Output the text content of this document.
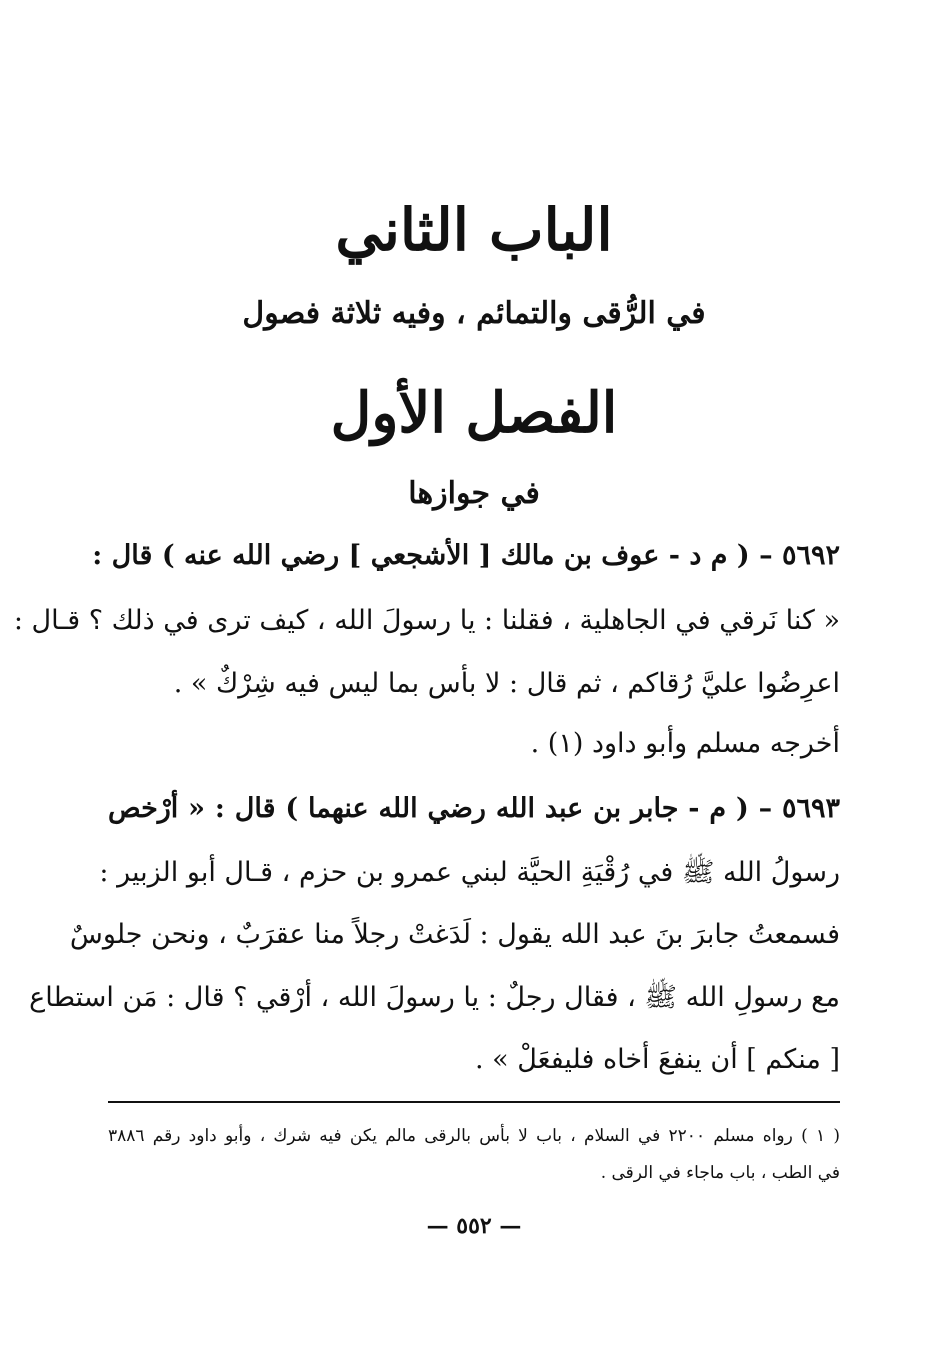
الباب الثاني
في الرُّقى والتمائم ، وفيه ثلاثة فصول
الفصل الأول
في جوازها
٥٦٩٢ – ( م د - عوف بن مالك [ الأشجعي ] رضي الله عنه ) قال :
« كنا نَرقي في الجاهلية ، فقلنا : يا رسولَ الله ، كيف ترى في ذلك ؟ قـال :
اعرِضُوا عليَّ رُقاكم ، ثم قال : لا بأس بما ليس فيه شِرْكٌ » .
أخرجه مسلم وأبو داود (١) .
٥٦٩٣ – ( م - جابر بن عبد الله رضي الله عنهما ) قال : « أرْخص
رسولُ الله ﷺ في رُقْيَةِ الحيَّة لبني عمرو بن حزم ، قـال أبو الزبير :
فسمعتُ جابرَ بنَ عبد الله يقول : لَدَغتْ رجلاً منا عقرَبٌ ، ونحن جلوسٌ
مع رسولِ الله ﷺ ، فقال رجلٌ : يا رسولَ الله ، أرْقي ؟ قال : مَن استطاع
[ منكم ] أن ينفعَ أخاه فليفعَلْ » .
( ١ ) رواه مسلم ٢٢٠٠ في السلام ، باب لا بأس بالرقى مالم يكن فيه شرك ، وأبو داود رقم ٣٨٨٦
في الطب ، باب ماجاء في الرقى .
— ٥٥٢ —
